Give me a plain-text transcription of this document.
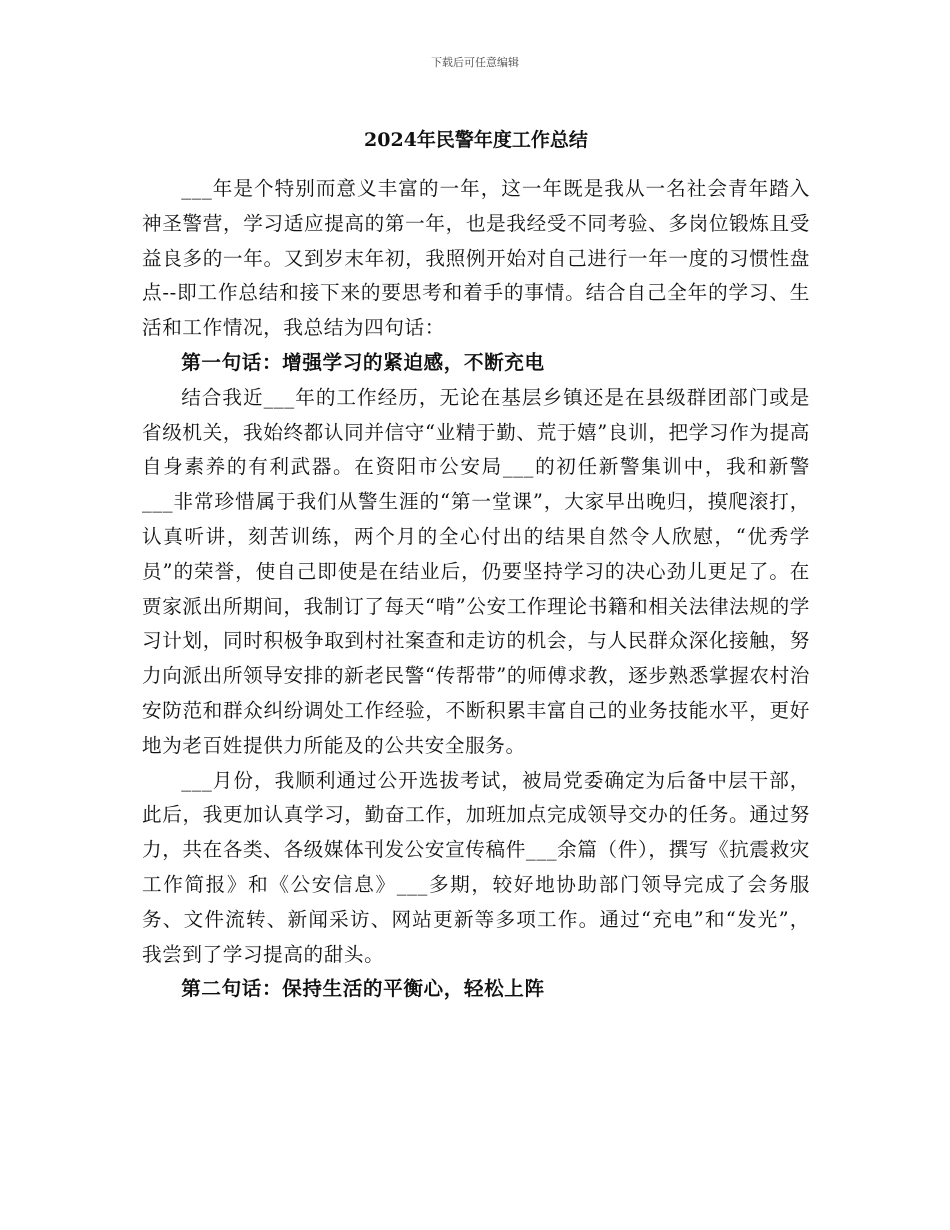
下载后可任意编辑
2024年民警年度工作总结

___年是个特别而意义丰富的一年，这一年既是我从一名社会青年踏入神圣警营，学习适应提高的第一年，也是我经受不同考验、多岗位锻炼且受益良多的一年。又到岁末年初，我照例开始对自己进行一年一度的习惯性盘点--即工作总结和接下来的要思考和着手的事情。结合自己全年的学习、生活和工作情况，我总结为四句话：

第一句话：增强学习的紧迫感，不断充电

结合我近___年的工作经历，无论在基层乡镇还是在县级群团部门或是省级机关，我始终都认同并信守“业精于勤、荒于嬉”良训，把学习作为提高自身素养的有利武器。在资阳市公安局___的初任新警集训中，我和新警___非常珍惜属于我们从警生涯的“第一堂课”，大家早出晚归，摸爬滚打，认真听讲，刻苦训练，两个月的全心付出的结果自然令人欣慰，“优秀学员”的荣誉，使自己即使是在结业后，仍要坚持学习的决心劲儿更足了。在贾家派出所期间，我制订了每天“啃”公安工作理论书籍和相关法律法规的学习计划，同时积极争取到村社案查和走访的机会，与人民群众深化接触，努力向派出所领导安排的新老民警“传帮带”的师傅求教，逐步熟悉掌握农村治安防范和群众纠纷调处工作经验，不断积累丰富自己的业务技能水平，更好地为老百姓提供力所能及的公共安全服务。

___月份，我顺利通过公开选拔考试，被局党委确定为后备中层干部，此后，我更加认真学习，勤奋工作，加班加点完成领导交办的任务。通过努力，共在各类、各级媒体刊发公安宣传稿件___余篇（件），撰写《抗震救灾工作简报》和《公安信息》___多期，较好地协助部门领导完成了会务服务、文件流转、新闻采访、网站更新等多项工作。通过“充电”和“发光”，我尝到了学习提高的甜头。

第二句话：保持生活的平衡心，轻松上阵
